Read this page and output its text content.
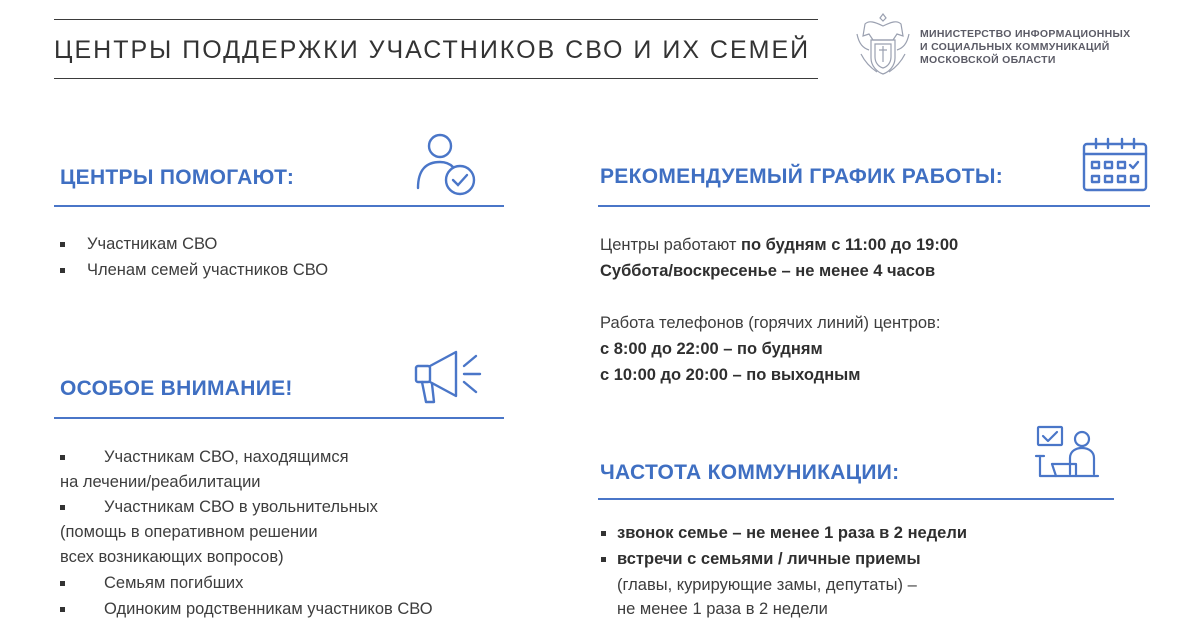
ЦЕНТРЫ ПОДДЕРЖКИ УЧАСТНИКОВ СВО И ИХ СЕМЕЙ
МИНИСТЕРСТВО ИНФОРМАЦИОННЫХ
И СОЦИАЛЬНЫХ КОММУНИКАЦИЙ
МОСКОВСКОЙ ОБЛАСТИ
ЦЕНТРЫ ПОМОГАЮТ:
Участникам СВО
Членам семей участников СВО
ОСОБОЕ ВНИМАНИЕ!
Участникам СВО, находящимся
на лечении/реабилитации
Участникам СВО в увольнительных
(помощь в оперативном решении
всех возникающих вопросов)
Семьям погибших
Одиноким родственникам участников СВО
РЕКОМЕНДУЕМЫЙ ГРАФИК РАБОТЫ:
Центры работают по будням с 11:00 до 19:00
Суббота/воскресенье – не менее 4 часов
Работа телефонов (горячих линий) центров:
с 8:00 до 22:00 – по будням
с 10:00 до 20:00 – по выходным
ЧАСТОТА КОММУНИКАЦИИ:
звонок семье – не менее 1 раза в 2 недели
встречи с семьями / личные приемы
(главы, курирующие замы, депутаты) –
не менее 1 раза в 2 недели
